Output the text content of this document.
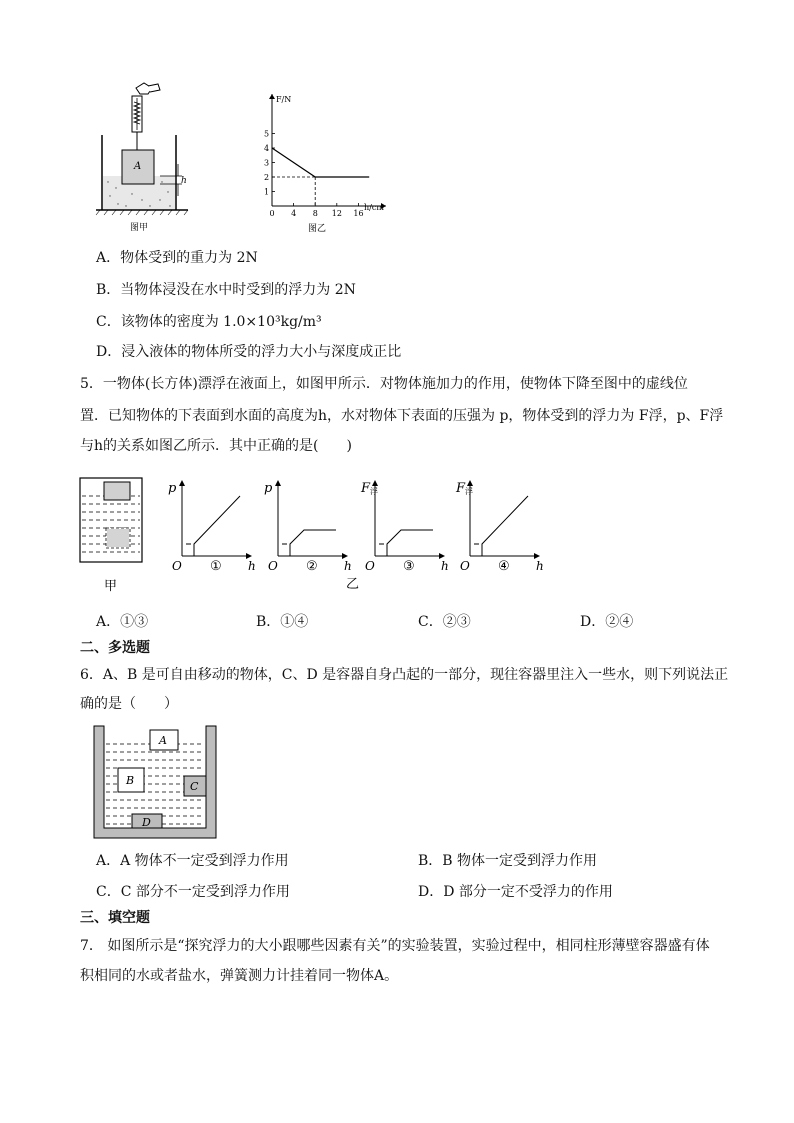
A
h
图甲
F/N
h/cm
0 4 8 12 16
1
2
3
4
5
图乙
A．物体受到的重力为 2N
B．当物体浸没在水中时受到的浮力为 2N
C．该物体的密度为 1.0×10³kg/m³
D．浸入液体的物体所受的浮力大小与深度成正比
5．一物体(长方体)漂浮在液面上，如图甲所示．对物体施加力的作用，使物体下降至图中的虚线位
置．已知物体的下表面到水面的高度为h，水对物体下表面的压强为 p，物体受到的浮力为 F浮，p、F浮
与h的关系如图乙所示．其中正确的是(　　)
甲
p
O	h
①
p
O	h
②
F浮
O	h
③
F浮
O	h
④
乙
A．①③	B．①④	C．②③	D．②④
二、多选题
6．A、B 是可自由移动的物体，C、D 是容器自身凸起的一部分，现往容器里注入一些水，则下列说法正
确的是（　　）
A
B	C
D
A．A 物体不一定受到浮力作用	B．B 物体一定受到浮力作用
C．C 部分不一定受到浮力作用	D．D 部分一定不受浮力的作用
三、填空题
7． 如图所示是“探究浮力的大小跟哪些因素有关”的实验装置，实验过程中，相同柱形薄壁容器盛有体
积相同的水或者盐水，弹簧测力计挂着同一物体A。
